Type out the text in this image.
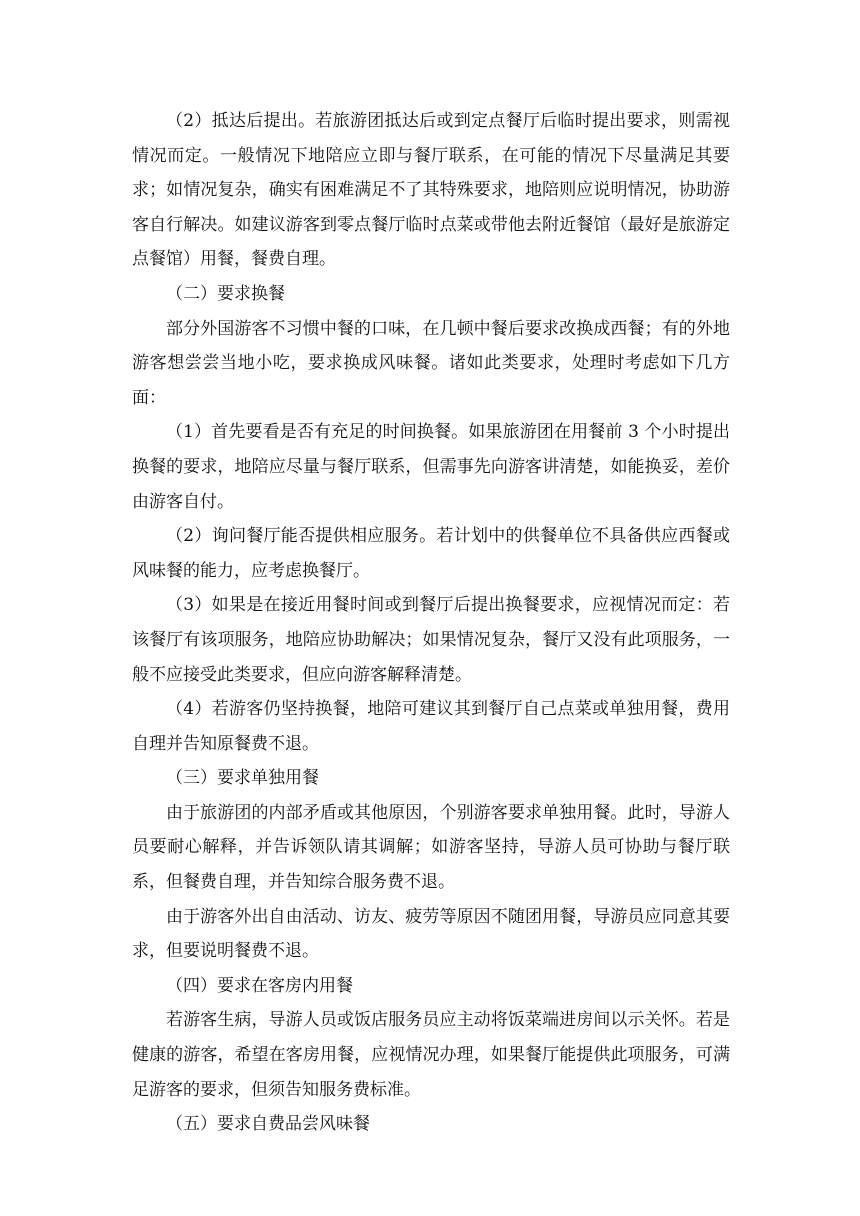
（2）抵达后提出。若旅游团抵达后或到定点餐厅后临时提出要求，则需视情况而定。一般情况下地陪应立即与餐厅联系，在可能的情况下尽量满足其要求；如情况复杂，确实有困难满足不了其特殊要求，地陪则应说明情况，协助游客自行解决。如建议游客到零点餐厅临时点菜或带他去附近餐馆（最好是旅游定点餐馆）用餐，餐费自理。

（二）要求换餐

部分外国游客不习惯中餐的口味，在几顿中餐后要求改换成西餐；有的外地游客想尝尝当地小吃，要求换成风味餐。诸如此类要求，处理时考虑如下几方面：

（1）首先要看是否有充足的时间换餐。如果旅游团在用餐前 3 个小时提出换餐的要求，地陪应尽量与餐厅联系，但需事先向游客讲清楚，如能换妥，差价由游客自付。

（2）询问餐厅能否提供相应服务。若计划中的供餐单位不具备供应西餐或风味餐的能力，应考虑换餐厅。

（3）如果是在接近用餐时间或到餐厅后提出换餐要求，应视情况而定：若该餐厅有该项服务，地陪应协助解决；如果情况复杂，餐厅又没有此项服务，一般不应接受此类要求，但应向游客解释清楚。

（4）若游客仍坚持换餐，地陪可建议其到餐厅自己点菜或单独用餐，费用自理并告知原餐费不退。

（三）要求单独用餐

由于旅游团的内部矛盾或其他原因，个别游客要求单独用餐。此时，导游人员要耐心解释，并告诉领队请其调解；如游客坚持，导游人员可协助与餐厅联系，但餐费自理，并告知综合服务费不退。

由于游客外出自由活动、访友、疲劳等原因不随团用餐，导游员应同意其要求，但要说明餐费不退。

（四）要求在客房内用餐

若游客生病，导游人员或饭店服务员应主动将饭菜端进房间以示关怀。若是健康的游客，希望在客房用餐，应视情况办理，如果餐厅能提供此项服务，可满足游客的要求，但须告知服务费标准。

（五）要求自费品尝风味餐
